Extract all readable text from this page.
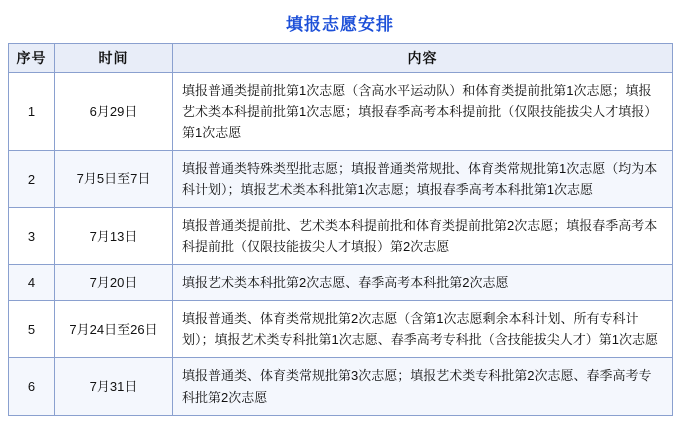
填报志愿安排
序号	时间	内容
1	6月29日	填报普通类提前批第1次志愿（含高水平运动队）和体育类提前批第1次志愿；填报艺术类本科提前批第1次志愿；填报春季高考本科提前批（仅限技能拔尖人才填报）第1次志愿
2	7月5日至7日	填报普通类特殊类型批志愿；填报普通类常规批、体育类常规批第1次志愿（均为本科计划）；填报艺术类本科批第1次志愿；填报春季高考本科批第1次志愿
3	7月13日	填报普通类提前批、艺术类本科提前批和体育类提前批第2次志愿；填报春季高考本科提前批（仅限技能拔尖人才填报）第2次志愿
4	7月20日	填报艺术类本科批第2次志愿、春季高考本科批第2次志愿
5	7月24日至26日	填报普通类、体育类常规批第2次志愿（含第1次志愿剩余本科计划、所有专科计划）；填报艺术类专科批第1次志愿、春季高考专科批（含技能拔尖人才）第1次志愿
6	7月31日	填报普通类、体育类常规批第3次志愿；填报艺术类专科批第2次志愿、春季高考专科批第2次志愿
